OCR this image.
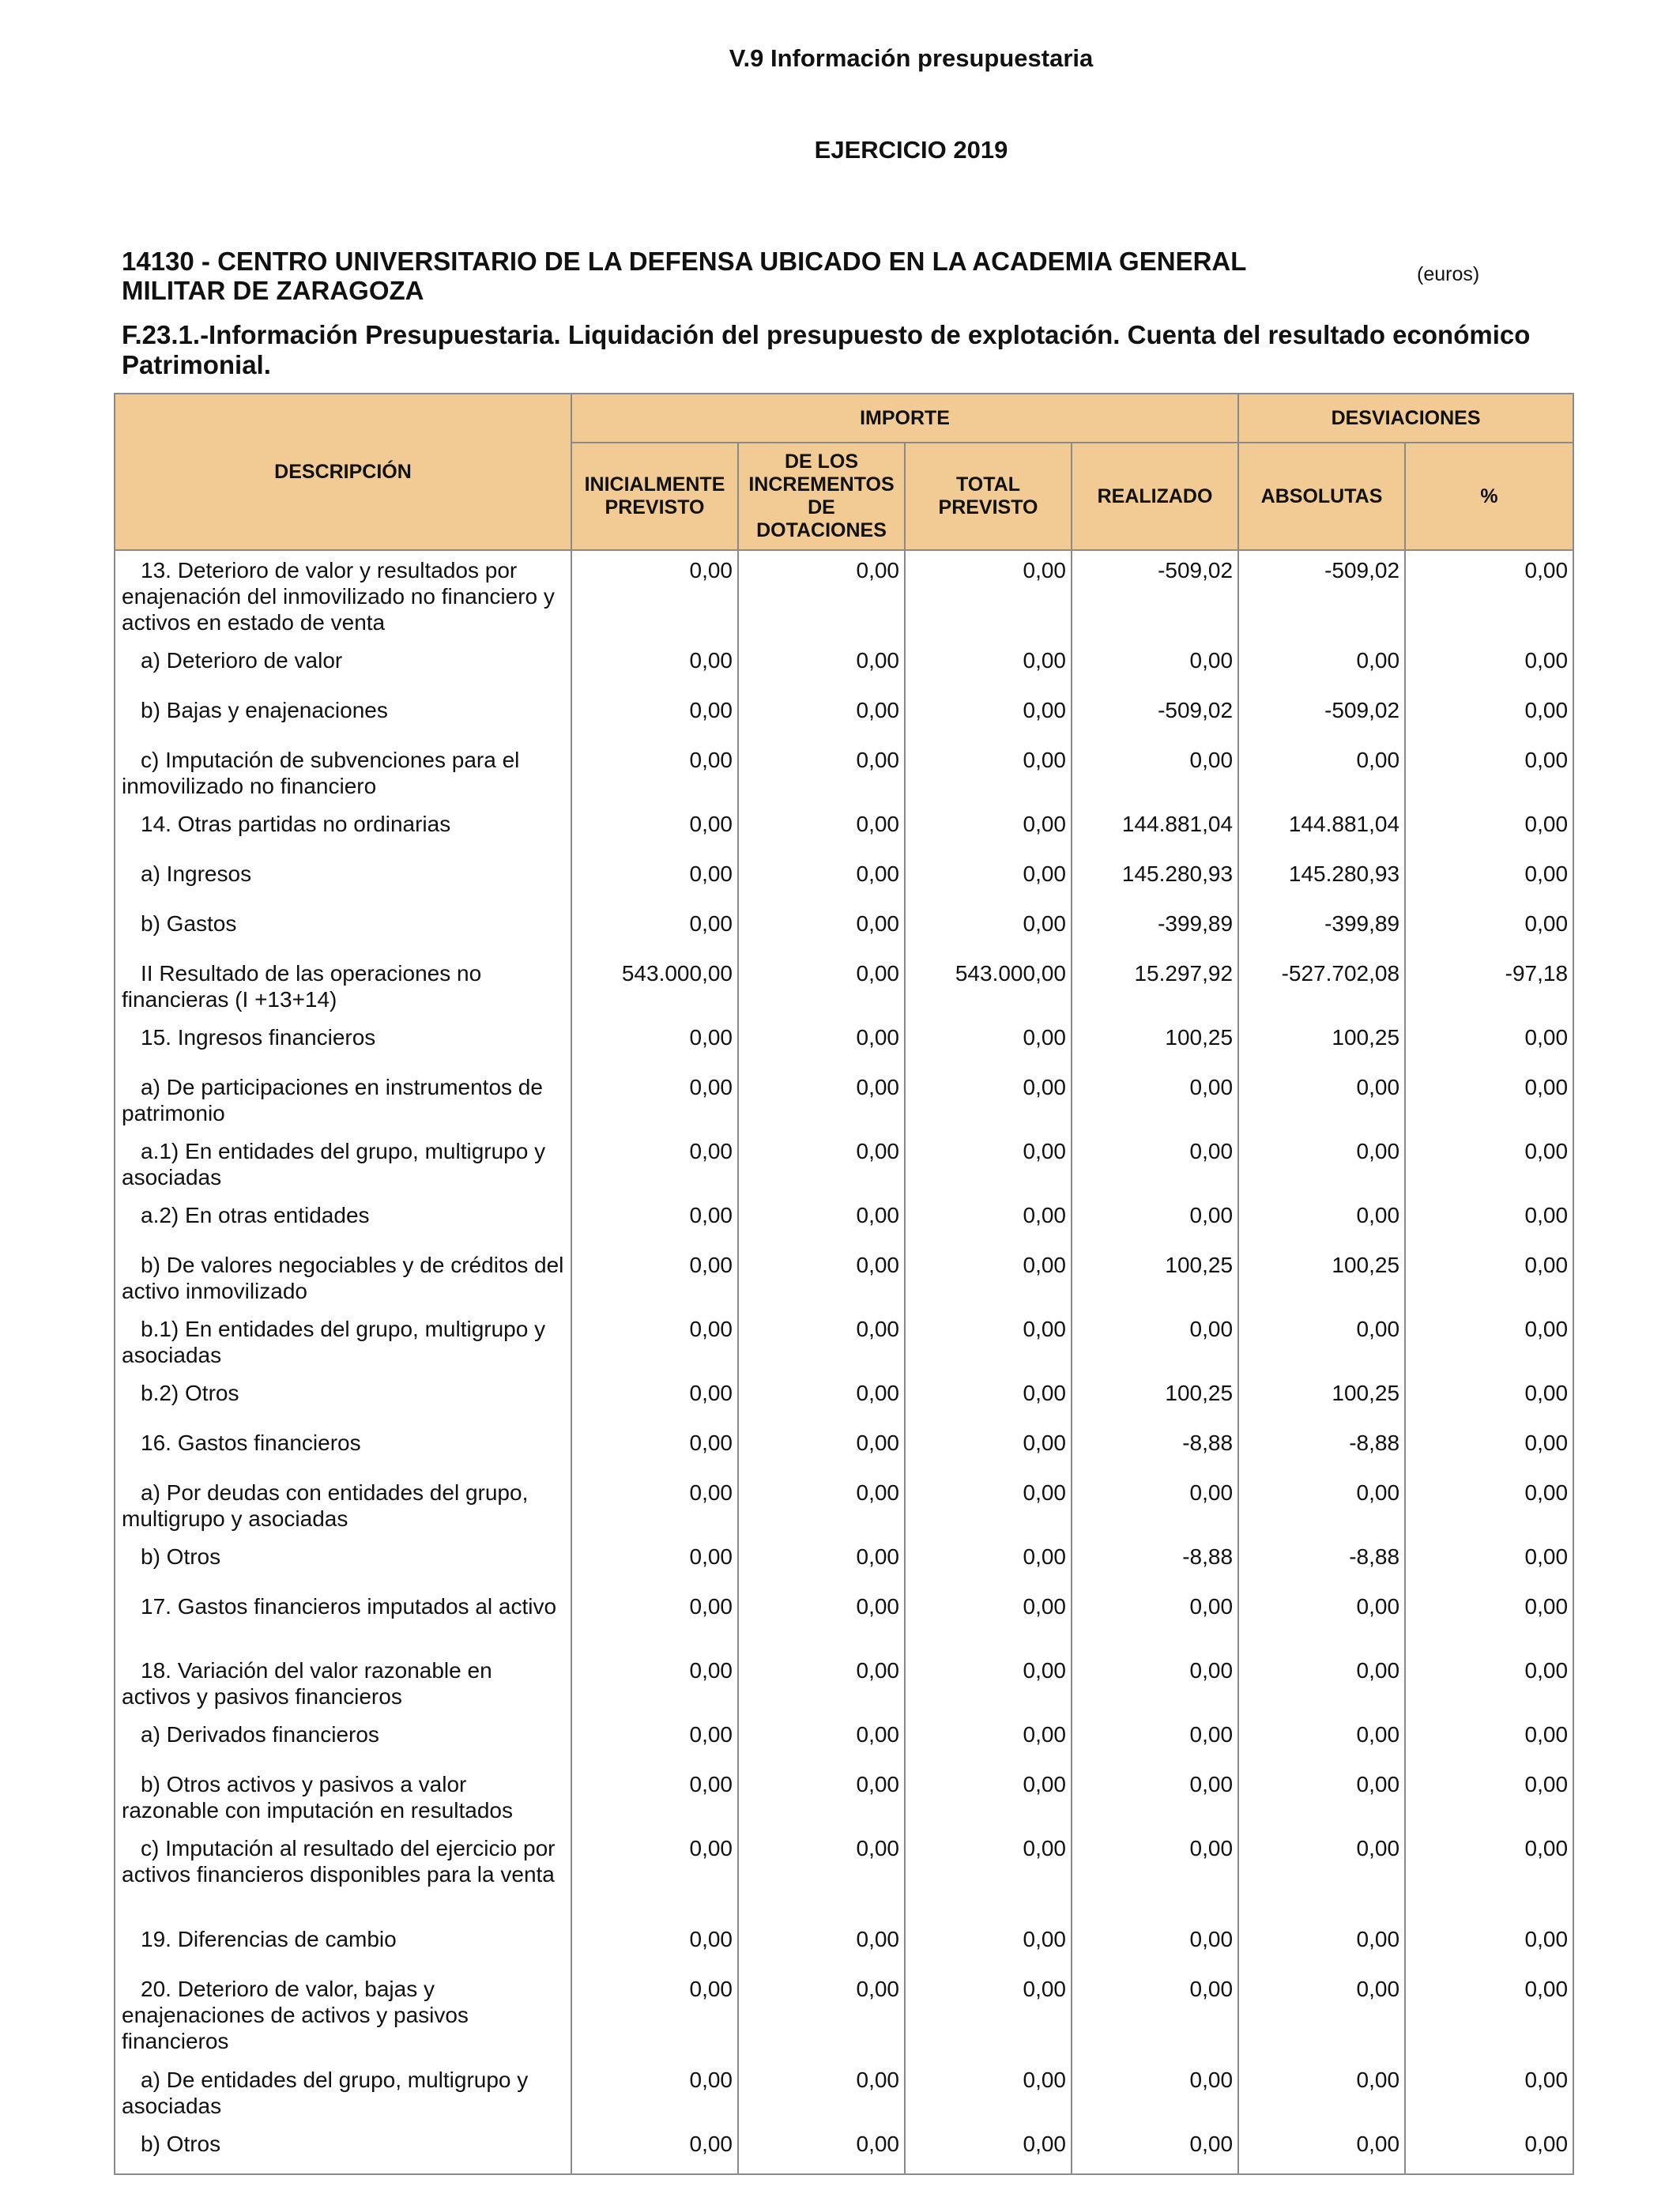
V.9 Información presupuestaria
EJERCICIO 2019
14130 - CENTRO UNIVERSITARIO DE LA DEFENSA UBICADO EN LA ACADEMIA GENERAL MILITAR DE ZARAGOZA
(euros)
F.23.1.-Información Presupuestaria. Liquidación del presupuesto de explotación. Cuenta del resultado económico Patrimonial.
DESCRIPCIÓN	IMPORTE				DESVIACIONES	
	INICIALMENTE PREVISTO	DE LOS INCREMENTOS DE DOTACIONES	TOTAL PREVISTO	REALIZADO	ABSOLUTAS	%
13. Deterioro de valor y resultados por enajenación del inmovilizado no financiero y activos en estado de venta	0,00	0,00	0,00	-509,02	-509,02	0,00
a) Deterioro de valor	0,00	0,00	0,00	0,00	0,00	0,00
b) Bajas y enajenaciones	0,00	0,00	0,00	-509,02	-509,02	0,00
c) Imputación de subvenciones para el inmovilizado no financiero	0,00	0,00	0,00	0,00	0,00	0,00
14. Otras partidas no ordinarias	0,00	0,00	0,00	144.881,04	144.881,04	0,00
a) Ingresos	0,00	0,00	0,00	145.280,93	145.280,93	0,00
b) Gastos	0,00	0,00	0,00	-399,89	-399,89	0,00
II Resultado de las operaciones no financieras (I +13+14)	543.000,00	0,00	543.000,00	15.297,92	-527.702,08	-97,18
15. Ingresos financieros	0,00	0,00	0,00	100,25	100,25	0,00
a) De participaciones en instrumentos de patrimonio	0,00	0,00	0,00	0,00	0,00	0,00
a.1) En entidades del grupo, multigrupo y asociadas	0,00	0,00	0,00	0,00	0,00	0,00
a.2) En otras entidades	0,00	0,00	0,00	0,00	0,00	0,00
b) De valores negociables y de créditos del activo inmovilizado	0,00	0,00	0,00	100,25	100,25	0,00
b.1) En entidades del grupo, multigrupo y asociadas	0,00	0,00	0,00	0,00	0,00	0,00
b.2) Otros	0,00	0,00	0,00	100,25	100,25	0,00
16. Gastos financieros	0,00	0,00	0,00	-8,88	-8,88	0,00
a) Por deudas con entidades del grupo, multigrupo y asociadas	0,00	0,00	0,00	0,00	0,00	0,00
b) Otros	0,00	0,00	0,00	-8,88	-8,88	0,00
17. Gastos financieros imputados al activo	0,00	0,00	0,00	0,00	0,00	0,00
18. Variación del valor razonable en activos y pasivos financieros	0,00	0,00	0,00	0,00	0,00	0,00
a) Derivados financieros	0,00	0,00	0,00	0,00	0,00	0,00
b) Otros activos y pasivos a valor razonable con imputación en resultados	0,00	0,00	0,00	0,00	0,00	0,00
c) Imputación al resultado del ejercicio por activos financieros disponibles para la venta	0,00	0,00	0,00	0,00	0,00	0,00
19. Diferencias de cambio	0,00	0,00	0,00	0,00	0,00	0,00
20. Deterioro de valor, bajas y enajenaciones de activos y pasivos financieros	0,00	0,00	0,00	0,00	0,00	0,00
a) De entidades del grupo, multigrupo y asociadas	0,00	0,00	0,00	0,00	0,00	0,00
b) Otros	0,00	0,00	0,00	0,00	0,00	0,00
